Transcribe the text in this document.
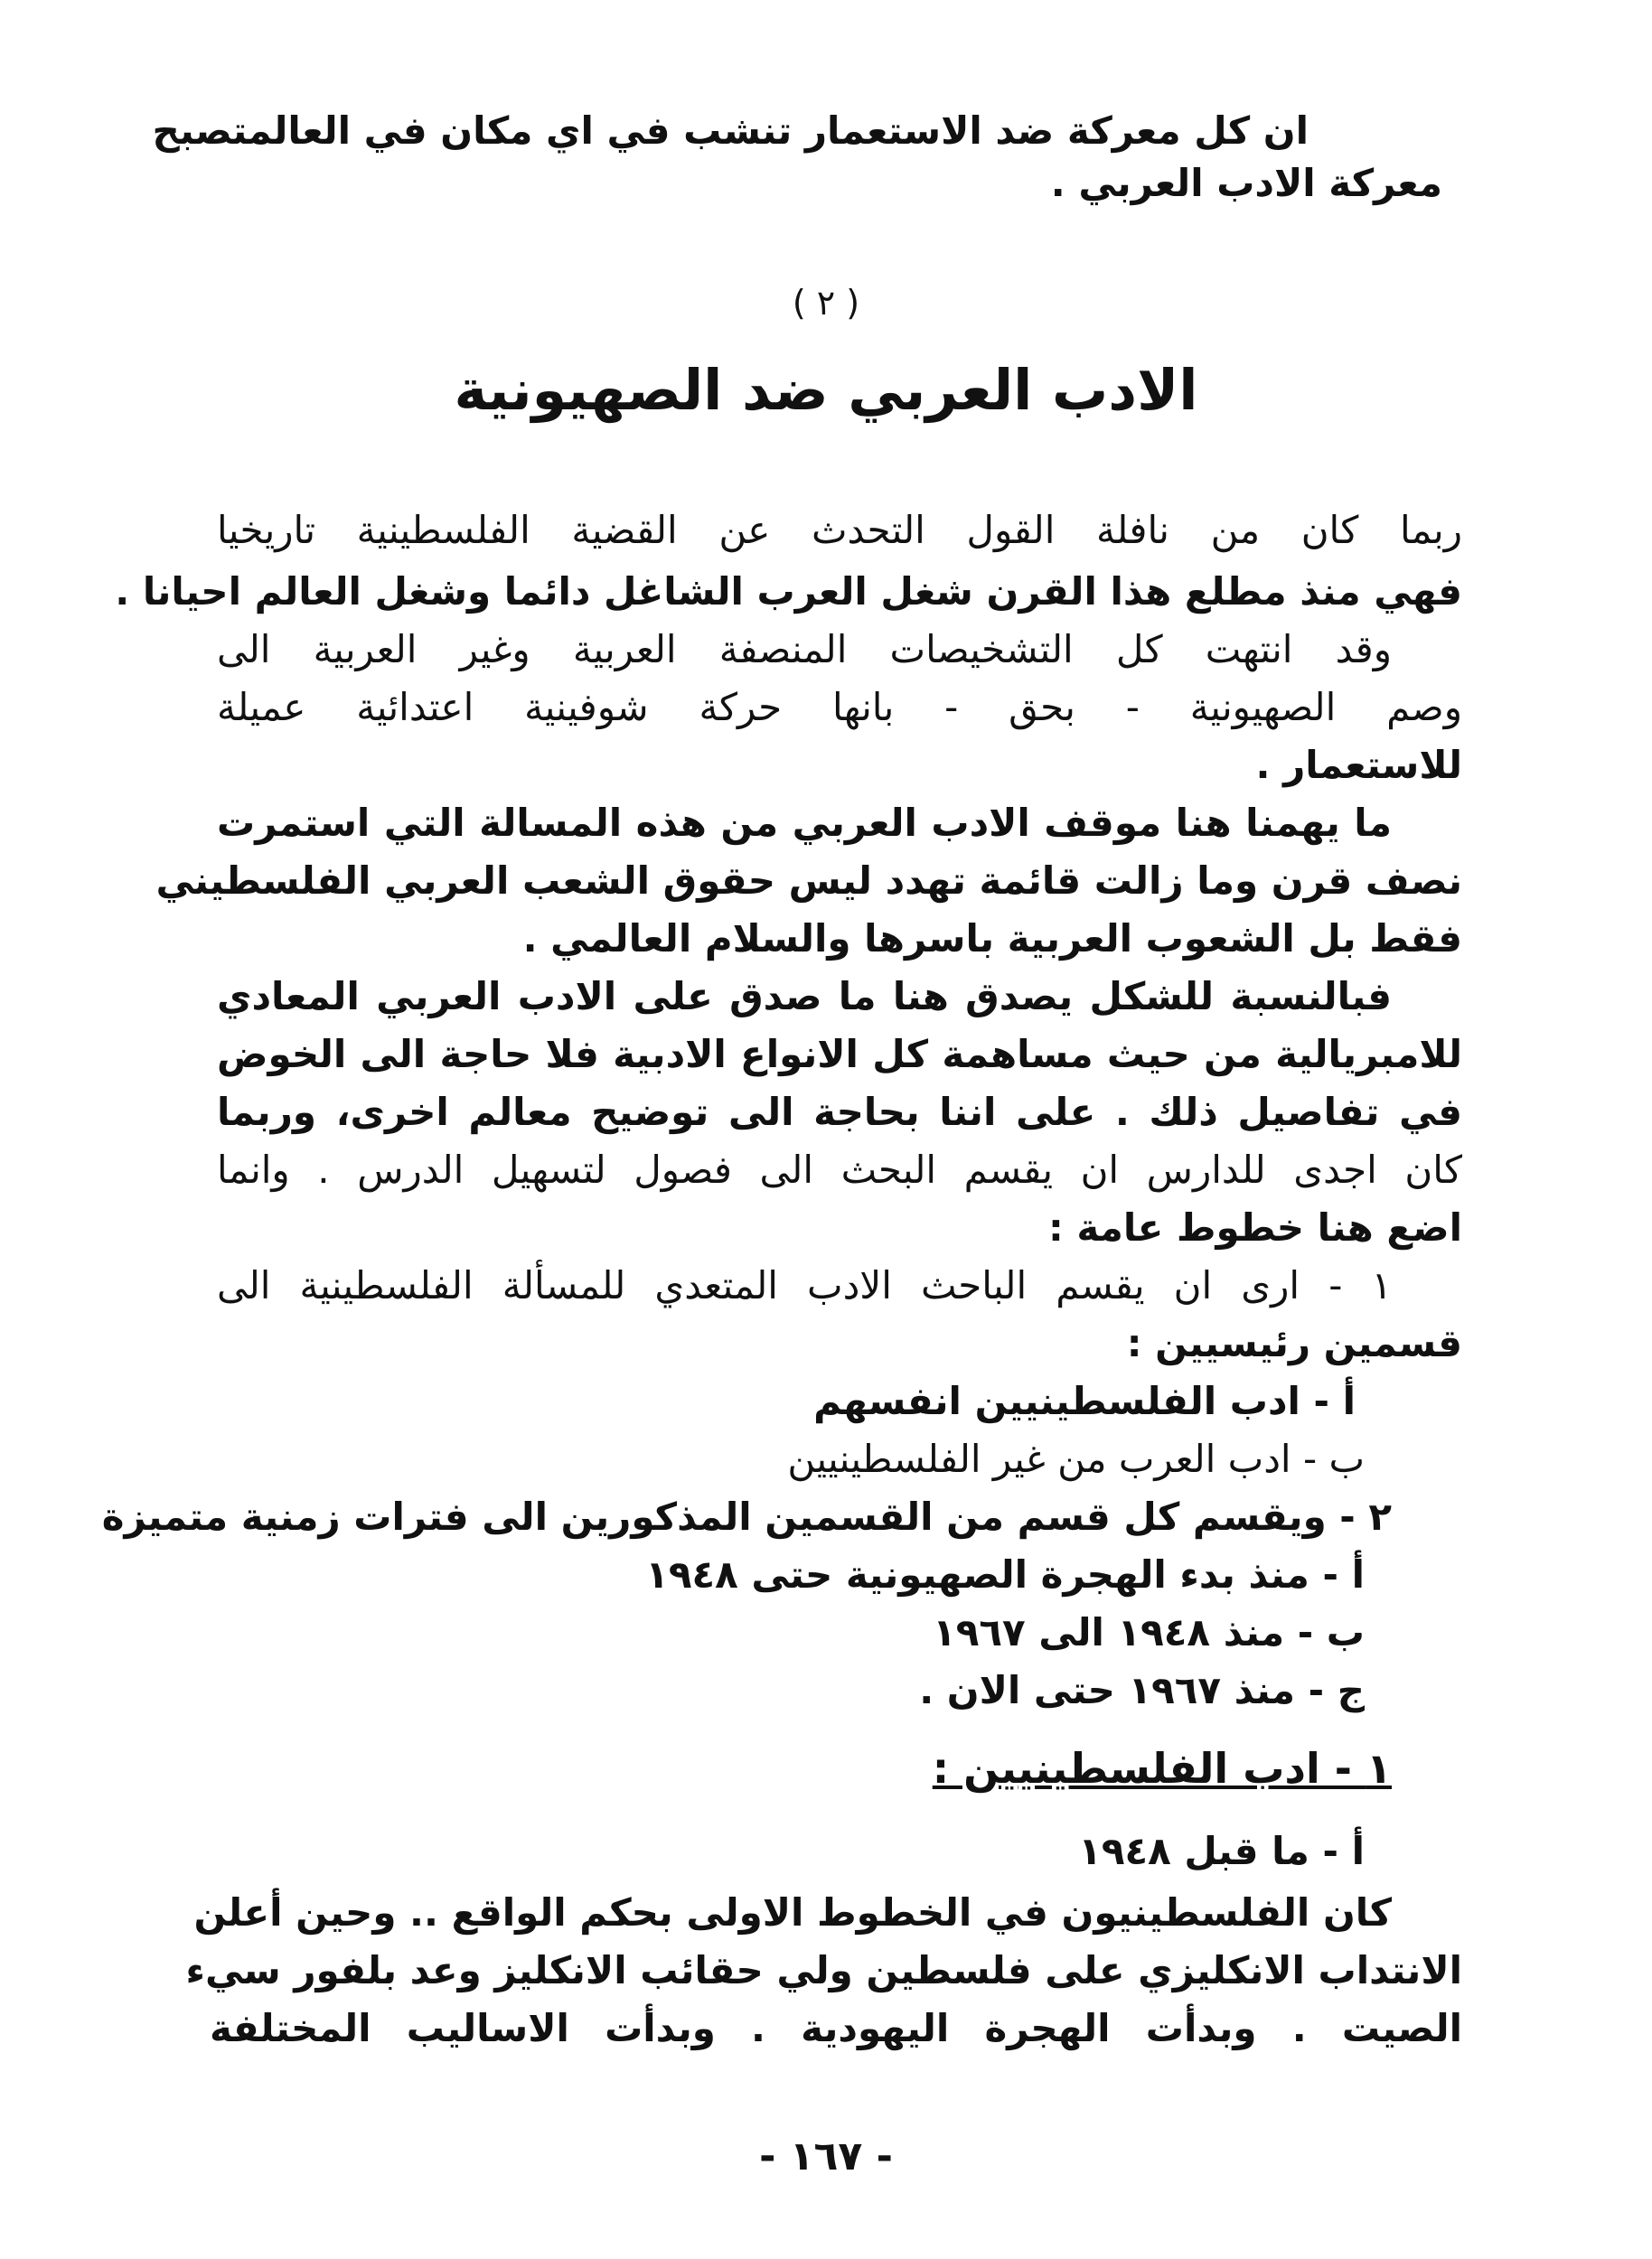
ان كل معركة ضد الاستعمار تنشب في اي مكان في العالمتصبح
معركة الادب العربي .
( ٢ )
الادب العربي ضد الصهيونية
ربما كان من نافلة القول التحدث عن القضية الفلسطينية تاريخيا
فهي منذ مطلع هذا القرن شغل العرب الشاغل دائما وشغل العالم احيانا .
وقد انتهت كل التشخيصات المنصفة العربية وغير العربية الى
وصم الصهيونية - بحق - بانها حركة شوفينية اعتدائية عميلة
للاستعمار .
ما يهمنا هنا موقف الادب العربي من هذه المسالة التي استمرت
نصف قرن وما زالت قائمة تهدد ليس حقوق الشعب العربي الفلسطيني
فقط بل الشعوب العربية باسرها والسلام العالمي .
فبالنسبة للشكل يصدق هنا ما صدق على الادب العربي المعادي
للامبريالية من حيث مساهمة كل الانواع الادبية فلا حاجة الى الخوض
في تفاصيل ذلك . على اننا بحاجة الى توضيح معالم اخرى، وربما
كان اجدى للدارس ان يقسم البحث الى فصول لتسهيل الدرس . وانما
اضع هنا خطوط عامة :
١ - ارى ان يقسم الباحث الادب المتعدي للمسألة الفلسطينية الى
قسمين رئيسيين :
أ - ادب الفلسطينيين انفسهم
ب - ادب العرب من غير الفلسطينيين
٢ - ويقسم كل قسم من القسمين المذكورين الى فترات زمنية متميزة
أ - منذ بدء الهجرة الصهيونية حتى ١٩٤٨
ب - منذ ١٩٤٨ الى ١٩٦٧
ج - منذ ١٩٦٧ حتى الان .
١ - ادب الفلسطينيين :
أ - ما قبل ١٩٤٨
كان الفلسطينيون في الخطوط الاولى بحكم الواقع .. وحين أعلن
الانتداب الانكليزي على فلسطين ولي حقائب الانكليز وعد بلفور سيء
الصيت . وبدأت الهجرة اليهودية . وبدأت الاساليب المختلفة
- ١٦٧ -
